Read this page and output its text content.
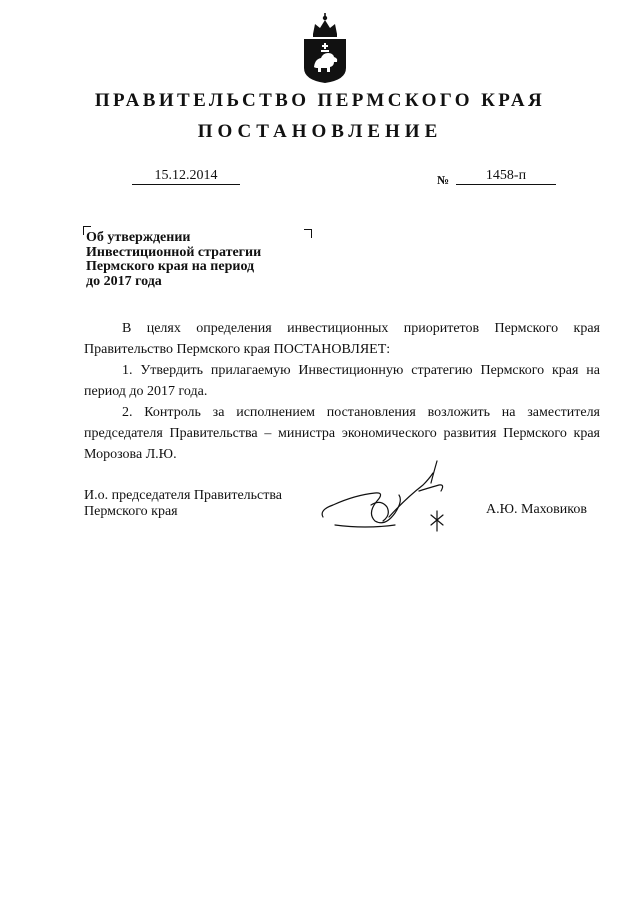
ПРАВИТЕЛЬСТВО ПЕРМСКОГО КРАЯ
ПОСТАНОВЛЕНИЕ
15.12.2014	№	1458-п
Об утверждении
Инвестиционной стратегии
Пермского края на период
до 2017 года

В целях определения инвестиционных приоритетов Пермского края Правительство Пермского края ПОСТАНОВЛЯЕТ:

1. Утвердить прилагаемую Инвестиционную стратегию Пермского края на период до 2017 года.

2. Контроль за исполнением постановления возложить на заместителя председателя Правительства – министра экономического развития Пермского края Морозова Л.Ю.

И.о. председателя Правительства
Пермского края	А.Ю. Маховиков
